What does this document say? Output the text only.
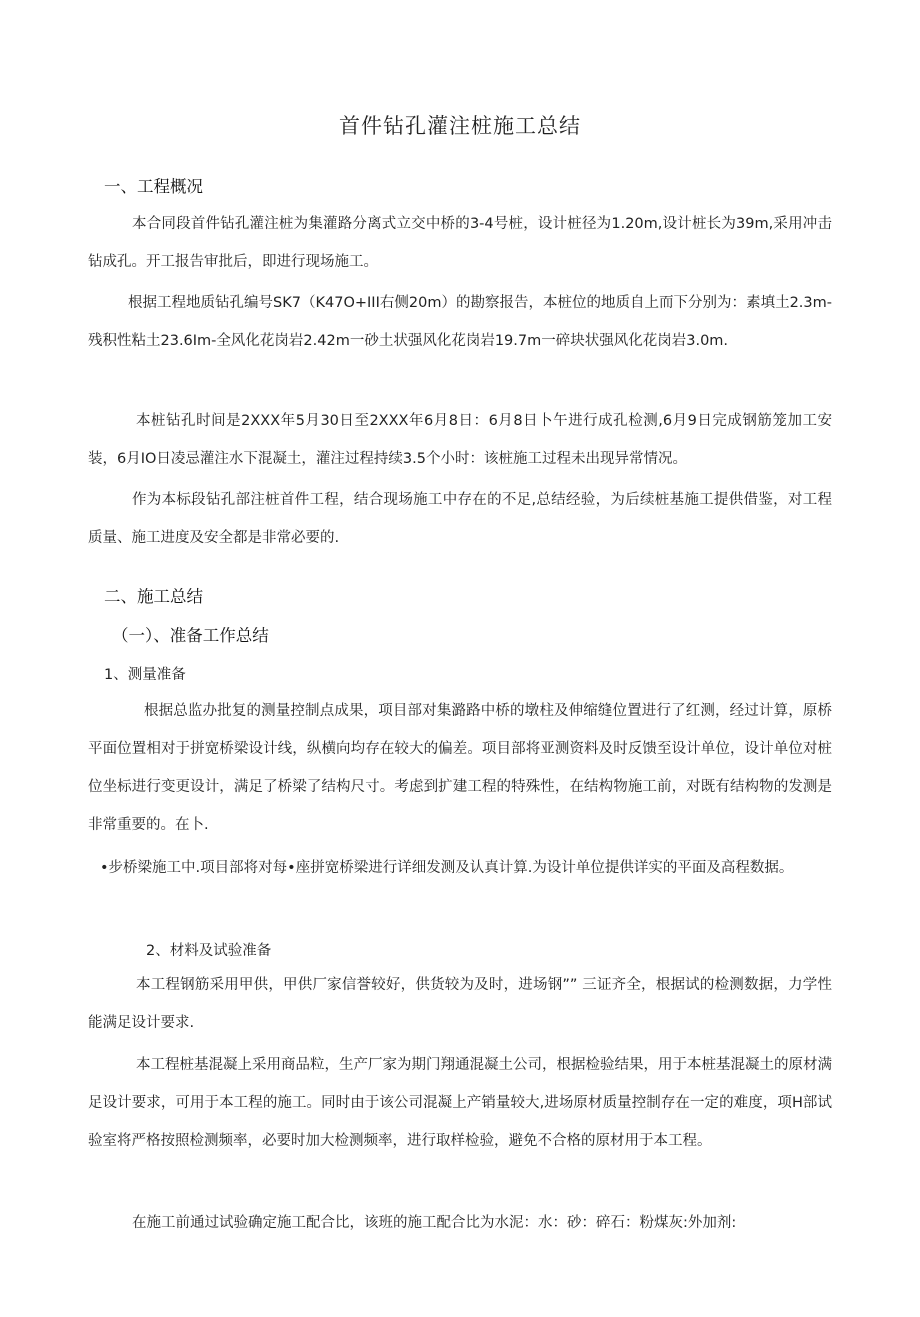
首件钻孔灌注桩施工总结
一、工程概况
本合同段首件钻孔灌注桩为集灌路分离式立交中桥的3-4号桩，设计桩径为1.20m,设计桩长为39m,采用冲击钻成孔。开工报告审批后，即进行现场施工。
根据工程地质钻孔编号SK7（K47O+III右侧20m）的勘察报告，本桩位的地质自上而下分别为：素填土2.3m-残积性粘土23.6Im-全风化花岗岩2.42m一砂土状强风化花岗岩19.7m一碎块状强风化花岗岩3.0m.
本桩钻孔时间是2XXX年5月30日至2XXX年6月8日：6月8日卜午进行成孔检测,6月9日完成钢筋笼加工安装，6月IO日凌忌灌注水下混凝土，灌注过程持续3.5个小时：该桩施工过程未出现异常情况。
作为本标段钻孔部注桩首件工程，结合现场施工中存在的不足,总结经验，为后续桩基施工提供借鉴，对工程质量、施工进度及安全都是非常必要的.
二、施工总结
（一）、准备工作总结
1、测量准备
根据总监办批复的测量控制点成果，项目部对集潞路中桥的墩柱及伸缩缝位置进行了红测，经过计算，原桥平面位置相对于拼宽桥梁设计线，纵横向均存在较大的偏差。项目部将亚测资料及时反馈至设计单位，设计单位对桩位坐标进行变更设计，满足了桥梁了结构尺寸。考虑到扩建工程的特殊性，在结构物施工前，对既有结构物的发测是非常重要的。在卜.
•步桥梁施工中.项目部将对每•座拼宽桥梁进行详细发测及认真计算.为设计单位提供详实的平面及高程数据。
2、材料及试验准备
本工程钢筋采用甲供，甲供厂家信誉较好，供货较为及时，进场钢”” 三证齐全，根据试的检测数据，力学性能满足设计要求.
本工程桩基混凝上采用商品粒，生产厂家为期门翔通混凝土公司，根据检验结果，用于本桩基混凝土的原材满足设计要求，可用于本工程的施工。同时由于该公司混凝上产销量较大,进场原材质量控制存在一定的难度，项H部试验室将严格按照检测频率，必要时加大检测频率，进行取样检验，避免不合格的原材用于本工程。
在施工前通过试验确定施工配合比，该班的施工配合比为水泥：水：砂：碎石：粉煤灰:外加剂:
